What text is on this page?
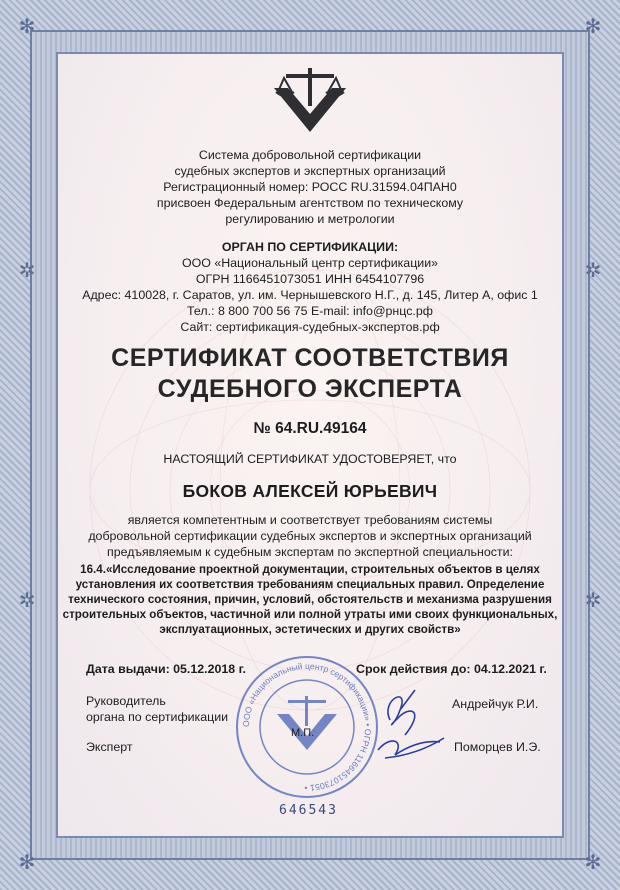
✻	✻
✻	✻
✲	✲
✲	✲
Система добровольной сертификации
судебных экспертов и экспертных организаций
Регистрационный номер: РОСС RU.31594.04ПАН0
присвоен Федеральным агентством по техническому
регулированию и метрологии
ОРГАН ПО СЕРТИФИКАЦИИ:
ООО «Национальный центр сертификации»
ОГРН 1166451073051 ИНН 6454107796
Адрес: 410028, г. Саратов, ул. им. Чернышевского Н.Г., д. 145, Литер А, офис 1
Тел.: 8 800 700 56 75 E-mail: info@рнцс.рф
Сайт: сертификация-судебных-экспертов.рф
СЕРТИФИКАТ СООТВЕТСТВИЯ
СУДЕБНОГО ЭКСПЕРТА
№ 64.RU.49164
НАСТОЯЩИЙ СЕРТИФИКАТ УДОСТОВЕРЯЕТ, что
БОКОВ АЛЕКСЕЙ ЮРЬЕВИЧ
является компетентным и соответствует требованиям системы
добровольной сертификации судебных экспертов и экспертных организаций
предъявляемым к судебным экспертам по экспертной специальности:
16.4.«Исследование проектной документации, строительных объектов в целях
установления их соответствия требованиям специальных правил. Определение
технического состояния, причин, условий, обстоятельств и механизма разрушения
строительных объектов, частичной или полной утраты ими своих функциональных,
эксплуатационных, эстетических и других свойств»
Дата выдачи: 05.12.2018 г.	Срок действия до: 04.12.2021 г.
ООО «Национальный центр сертификации» • ОГРН 1166451073051 •
Руководитель
органа по сертификации
Андрейчук Р.И.
Эксперт	Поморцев И.Э.
М.П.
646543
